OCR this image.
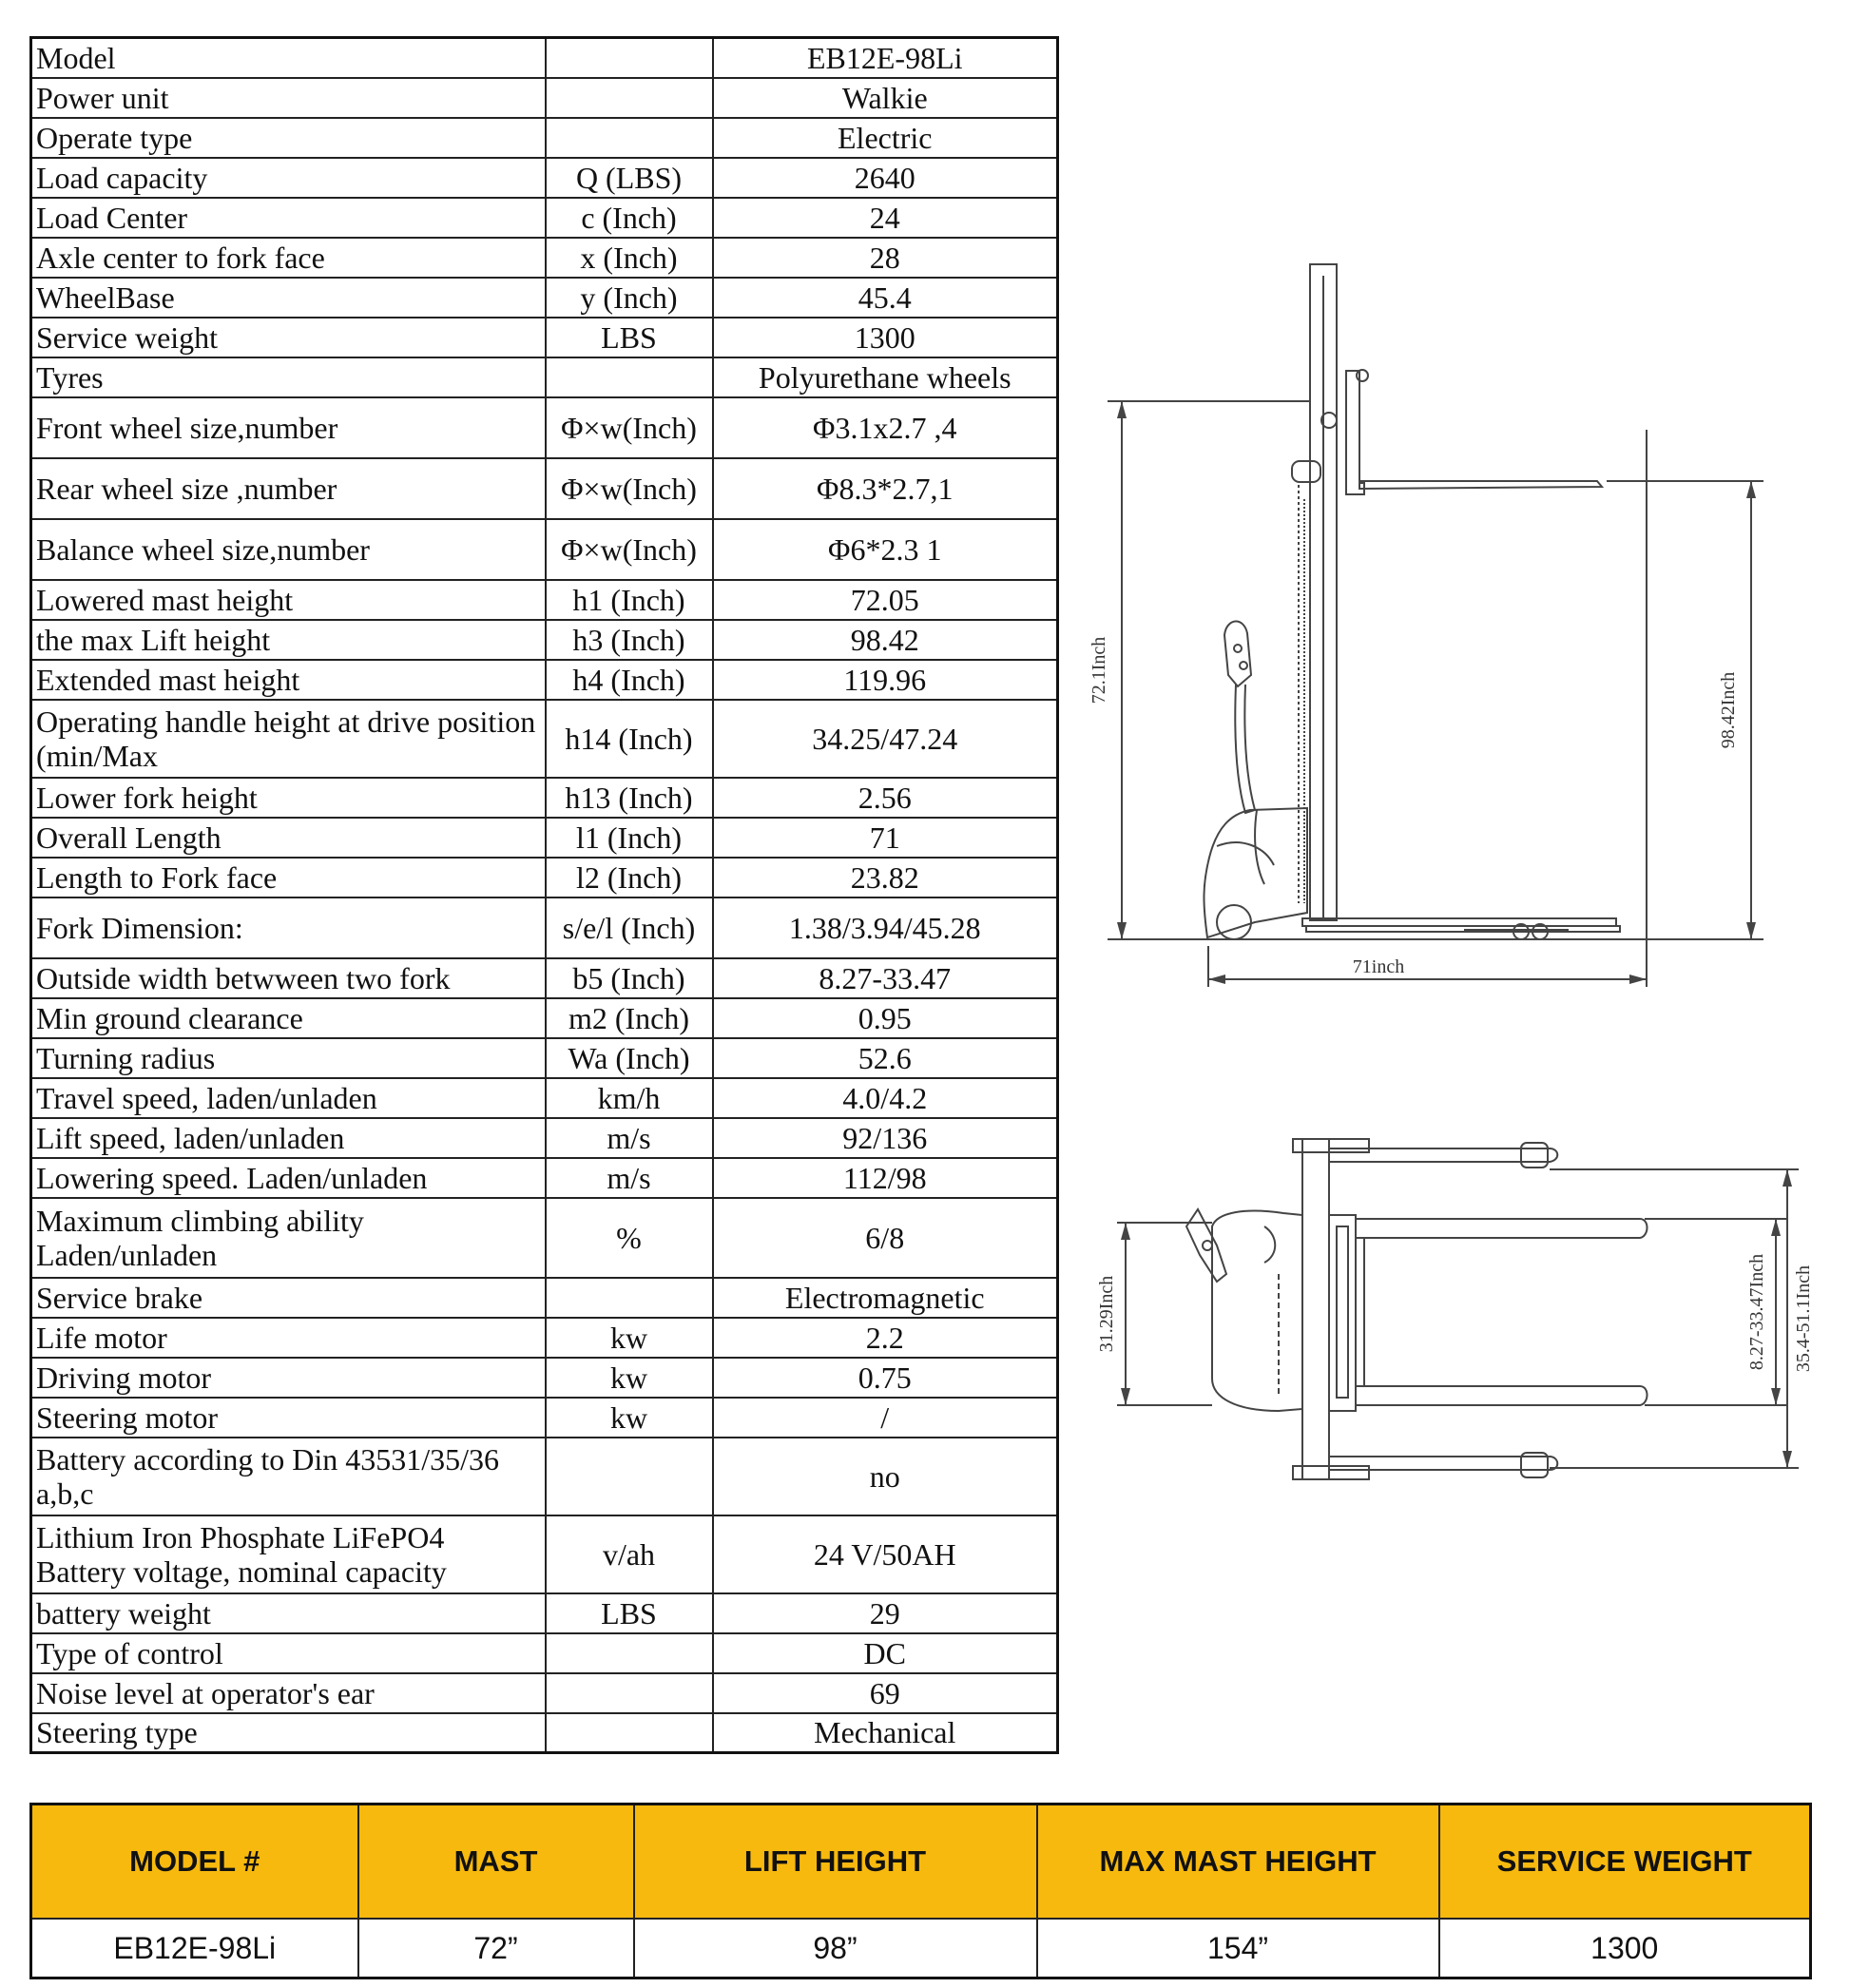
Model		EB12E-98Li
Power unit		Walkie
Operate type		Electric
Load capacity	Q (LBS)	2640
Load Center	c (Inch)	24
Axle center to fork face	x (Inch)	28
WheelBase	y (Inch)	45.4
Service weight	LBS	1300
Tyres		Polyurethane wheels
Front wheel size,number	Φ×w(Inch)	Φ3.1x2.7 ,4
Rear wheel size ,number	Φ×w(Inch)	Φ8.3*2.7,1
Balance wheel size,number	Φ×w(Inch)	Φ6*2.3 1
Lowered mast height	h1 (Inch)	72.05
the max Lift height	h3 (Inch)	98.42
Extended mast height	h4 (Inch)	119.96
Operating handle height at drive position (min/Max	h14 (Inch)	34.25/47.24
Lower fork height	h13 (Inch)	2.56
Overall Length	l1 (Inch)	71
Length to Fork face	l2 (Inch)	23.82
Fork Dimension:	s/e/l (Inch)	1.38/3.94/45.28
Outside width betwween two fork	b5 (Inch)	8.27-33.47
Min ground clearance	m2 (Inch)	0.95
Turning radius	Wa (Inch)	52.6
Travel speed, laden/unladen	km/h	4.0/4.2
Lift speed, laden/unladen	m/s	92/136
Lowering speed. Laden/unladen	m/s	112/98
Maximum climbing ability Laden/unladen	%	6/8
Service brake		Electromagnetic
Life motor	kw	2.2
Driving motor	kw	0.75
Steering motor	kw	/
Battery according to Din 43531/35/36 a,b,c		no
Lithium Iron Phosphate LiFePO4 Battery voltage, nominal capacity	v/ah	24 V/50AH
battery weight	LBS	29
Type of control		DC
Noise level at operator's ear		69
Steering type		Mechanical
72.1Inch
98.42Inch
71inch
31.29Inch	8.27-33.47Inch 35.4-51.1Inch
MODEL #	MAST	LIFT HEIGHT	MAX MAST HEIGHT	SERVICE WEIGHT
EB12E-98Li	72”	98”	154”	1300
